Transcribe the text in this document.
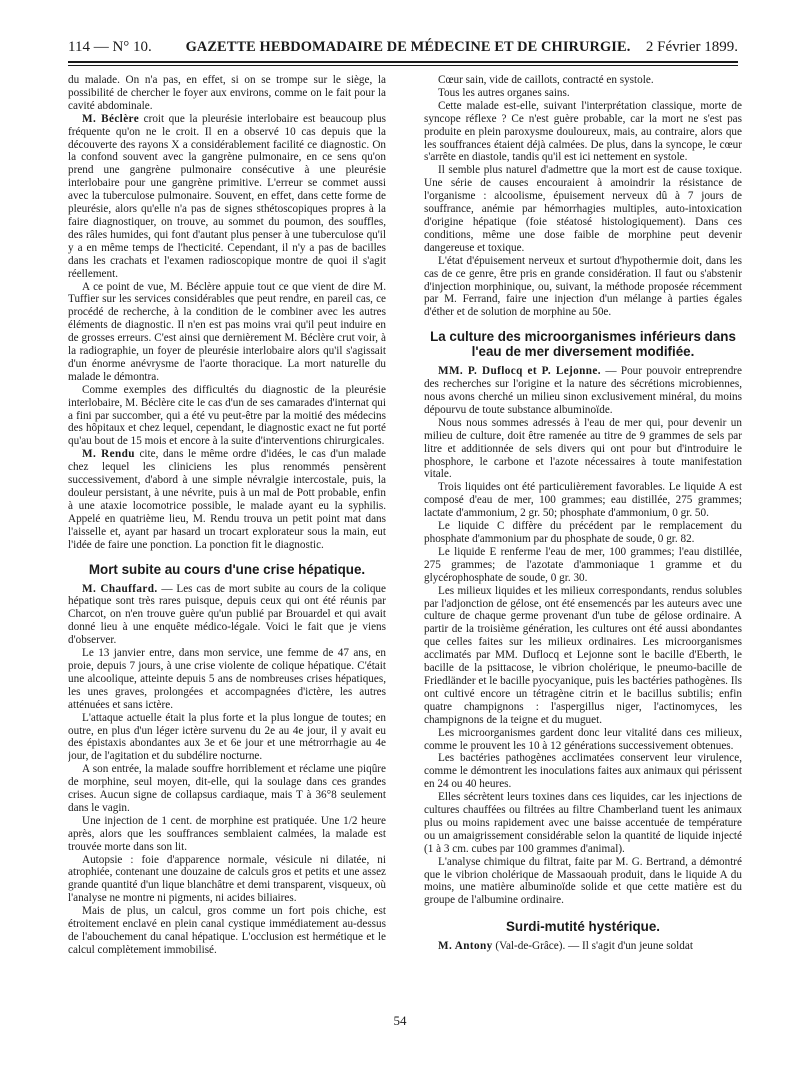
114 — N° 10.	GAZETTE HEBDOMADAIRE DE MÉDECINE ET DE CHIRURGIE.	2 Février 1899.

du malade. On n'a pas, en effet, si on se trompe sur le siège, la possibilité de chercher le foyer aux environs, comme on le fait pour la cavité abdominale.

M. Béclère croit que la pleurésie interlobaire est beaucoup plus fréquente qu'on ne le croit. Il en a observé 10 cas depuis que la découverte des rayons X a considérablement facilité ce diagnostic. On la confond souvent avec la gangrène pulmonaire, en ce sens qu'on prend une gangrène pulmonaire consécutive à une pleurésie interlobaire pour une gangrène primitive. L'erreur se commet aussi avec la tuberculose pulmonaire. Souvent, en effet, dans cette forme de pleurésie, alors qu'elle n'a pas de signes sthétoscopiques propres à la faire diagnostiquer, on trouve, au sommet du poumon, des souffles, des râles humides, qui font d'autant plus penser à une tuberculose qu'il y a en même temps de l'hecticité. Cependant, il n'y a pas de bacilles dans les crachats et l'examen radioscopique montre de quoi il s'agit réellement.

A ce point de vue, M. Béclère appuie tout ce que vient de dire M. Tuffier sur les services considérables que peut rendre, en pareil cas, ce procédé de recherche, à la condition de le combiner avec les autres éléments de diagnostic. Il n'en est pas moins vrai qu'il peut induire en de grosses erreurs. C'est ainsi que dernièrement M. Béclère crut voir, à la radiographie, un foyer de pleurésie interlobaire alors qu'il s'agissait d'un énorme anévrysme de l'aorte thoracique. La mort naturelle du malade le démontra.

Comme exemples des difficultés du diagnostic de la pleurésie interlobaire, M. Béclère cite le cas d'un de ses camarades d'internat qui a fini par succomber, qui a été vu peut-être par la moitié des médecins des hôpitaux et chez lequel, cependant, le diagnostic exact ne fut porté qu'au bout de 15 mois et encore à la suite d'interventions chirurgicales.

M. Rendu cite, dans le même ordre d'idées, le cas d'un malade chez lequel les cliniciens les plus renommés pensèrent successivement, d'abord à une simple névralgie intercostale, puis, la douleur persistant, à une névrite, puis à un mal de Pott probable, enfin à une ataxie locomotrice possible, le malade ayant eu la syphilis. Appelé en quatrième lieu, M. Rendu trouva un petit point mat dans l'aisselle et, ayant par hasard un trocart explorateur sous la main, eut l'idée de faire une ponction. La ponction fit le diagnostic.

Mort subite au cours d'une crise hépatique.

M. Chauffard. — Les cas de mort subite au cours de la colique hépatique sont très rares puisque, depuis ceux qui ont été réunis par Charcot, on n'en trouve guère qu'un publié par Brouardel et qui avait donné lieu à une enquête médico-légale. Voici le fait que je viens d'observer.

Le 13 janvier entre, dans mon service, une femme de 47 ans, en proie, depuis 7 jours, à une crise violente de colique hépatique. C'était une alcoolique, atteinte depuis 5 ans de nombreuses crises hépatiques, les unes graves, prolongées et accompagnées d'ictère, les autres atténuées et sans ictère.

L'attaque actuelle était la plus forte et la plus longue de toutes; en outre, en plus d'un léger ictère survenu du 2e au 4e jour, il y avait eu des épistaxis abondantes aux 3e et 6e jour et une métrorrhagie au 4e jour, de l'agitation et du subdélire nocturne.

A son entrée, la malade souffre horriblement et réclame une piqûre de morphine, seul moyen, dit-elle, qui la soulage dans ces grandes crises. Aucun signe de collapsus cardiaque, mais T à 36°8 seulement dans le vagin.

Une injection de 1 cent. de morphine est pratiquée. Une 1/2 heure après, alors que les souffrances semblaient calmées, la malade est trouvée morte dans son lit.

Autopsie : foie d'apparence normale, vésicule ni dilatée, ni atrophiée, contenant une douzaine de calculs gros et petits et une assez grande quantité d'un lique blanchâtre et demi transparent, visqueux, où l'analyse ne montre ni pigments, ni acides biliaires.

Mais de plus, un calcul, gros comme un fort pois chiche, est étroitement enclavé en plein canal cystique immédiatement au-dessus de l'abouchement du canal hépatique. L'occlusion est hermétique et le calcul complètement immobilisé.

Cœur sain, vide de caillots, contracté en systole.

Tous les autres organes sains.

Cette malade est-elle, suivant l'interprétation classique, morte de syncope réflexe ? Ce n'est guère probable, car la mort ne s'est pas produite en plein paroxysme douloureux, mais, au contraire, alors que les souffrances étaient déjà calmées. De plus, dans la syncope, le cœur s'arrête en diastole, tandis qu'il est ici nettement en systole.

Il semble plus naturel d'admettre que la mort est de cause toxique. Une série de causes encouraient à amoindrir la résistance de l'organisme : alcoolisme, épuisement nerveux dû à 7 jours de souffrance, anémie par hémorrhagies multiples, auto-intoxication d'origine hépatique (foie stéatosé histologiquement). Dans ces conditions, même une dose faible de morphine peut devenir dangereuse et toxique.

L'état d'épuisement nerveux et surtout d'hypothermie doit, dans les cas de ce genre, être pris en grande considération. Il faut ou s'abstenir d'injection morphinique, ou, suivant, la méthode proposée récemment par M. Ferrand, faire une injection d'un mélange à parties égales d'éther et de solution de morphine au 50e.

La culture des microorganismes inférieurs dans l'eau de mer diversement modifiée.

MM. P. Duflocq et P. Lejonne. — Pour pouvoir entreprendre des recherches sur l'origine et la nature des sécrétions microbiennes, nous avons cherché un milieu sinon exclusivement minéral, du moins dépourvu de toute substance albuminoïde.

Nous nous sommes adressés à l'eau de mer qui, pour devenir un milieu de culture, doit être ramenée au titre de 9 grammes de sels par litre et additionnée de sels divers qui ont pour but d'introduire le phosphore, le carbone et l'azote nécessaires à toute manifestation vitale.

Trois liquides ont été particulièrement favorables. Le liquide A est composé d'eau de mer, 100 grammes; eau distillée, 275 grammes; lactate d'ammonium, 2 gr. 50; phosphate d'ammonium, 0 gr. 50.

Le liquide C diffère du précédent par le remplacement du phosphate d'ammonium par du phosphate de soude, 0 gr. 82.

Le liquide E renferme l'eau de mer, 100 grammes; l'eau distillée, 275 grammes; de l'azotate d'ammoniaque 1 gramme et du glycérophosphate de soude, 0 gr. 30.

Les milieux liquides et les milieux correspondants, rendus solubles par l'adjonction de gélose, ont été ensemencés par les auteurs avec une culture de chaque germe provenant d'un tube de gélose ordinaire. A partir de la troisième génération, les cultures ont été aussi abondantes que celles faites sur les milieux ordinaires. Les microorganismes acclimatés par MM. Duflocq et Lejonne sont le bacille d'Eberth, le bacille de la psittacose, le vibrion cholérique, le pneumo-bacille de Friedländer et le bacille pyocyanique, puis les bactéries pathogènes. Ils ont cultivé encore un tétragène citrin et le bacillus subtilis; enfin quatre champignons : l'aspergillus niger, l'actinomyces, les champignons de la teigne et du muguet.

Les microorganismes gardent donc leur vitalité dans ces milieux, comme le prouvent les 10 à 12 générations successivement obtenues.

Les bactéries pathogènes acclimatées conservent leur virulence, comme le démontrent les inoculations faites aux animaux qui périssent en 24 ou 40 heures.

Elles sécrètent leurs toxines dans ces liquides, car les injections de cultures chauffées ou filtrées au filtre Chamberland tuent les animaux plus ou moins rapidement avec une baisse accentuée de température ou un amaigrissement considérable selon la quantité de liquide injecté (1 à 3 cm. cubes par 100 grammes d'animal).

L'analyse chimique du filtrat, faite par M. G. Bertrand, a démontré que le vibrion cholérique de Massaouah produit, dans le liquide A du moins, une matière albuminoïde solide et que cette matière est du groupe de l'albumine ordinaire.

Surdi-mutité hystérique.

M. Antony (Val-de-Grâce). — Il s'agit d'un jeune soldat

54
